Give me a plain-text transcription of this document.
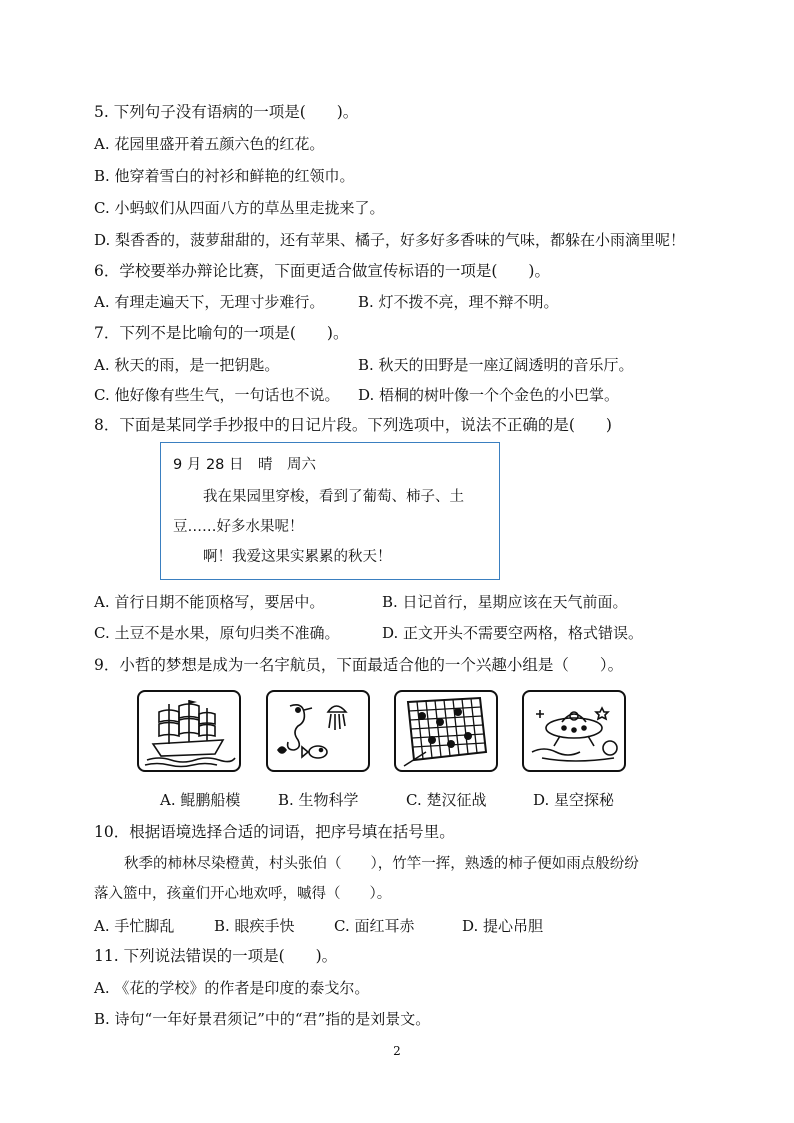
5. 下列句子没有语病的一项是(　　)。
A. 花园里盛开着五颜六色的红花。
B. 他穿着雪白的衬衫和鲜艳的红领巾。
C. 小蚂蚁们从四面八方的草丛里走拢来了。
D. 梨香香的，菠萝甜甜的，还有苹果、橘子，好多好多香味的气味，都躲在小雨滴里呢！
6．学校要举办辩论比赛，下面更适合做宣传标语的一项是(　　)。
A. 有理走遍天下，无理寸步难行。 B. 灯不拨不亮，理不辩不明。
7．下列不是比喻句的一项是(　　)。
A. 秋天的雨，是一把钥匙。	B. 秋天的田野是一座辽阔透明的音乐厅。
C. 他好像有些生气，一句话也不说。 D. 梧桐的树叶像一个个金色的小巴掌。
8．下面是某同学手抄报中的日记片段。下列选项中，说法不正确的是(　　)
9 月 28 日　晴　周六
我在果园里穿梭，看到了葡萄、柿子、土
豆……好多水果呢！
啊！我爱这果实累累的秋天！
A. 首行日期不能顶格写，要居中。	B. 日记首行，星期应该在天气前面。
C. 土豆不是水果，原句归类不准确。	D. 正文开头不需要空两格，格式错误。
9．小哲的梦想是成为一名宇航员，下面最适合他的一个兴趣小组是（　　）。
A. 鲲鹏船模	B. 生物科学	C. 楚汉征战	D. 星空探秘
10．根据语境选择合适的词语，把序号填在括号里。
秋季的柿林尽染橙黄，村头张伯（　　），竹竿一挥，熟透的柿子便如雨点般纷纷
落入篮中，孩童们开心地欢呼，嘁得（　　）。
A. 手忙脚乱	B. 眼疾手快	C. 面红耳赤	D. 提心吊胆
11. 下列说法错误的一项是(　　)。
A. 《花的学校》的作者是印度的泰戈尔。
B. 诗句“一年好景君须记”中的“君”指的是刘景文。
2
